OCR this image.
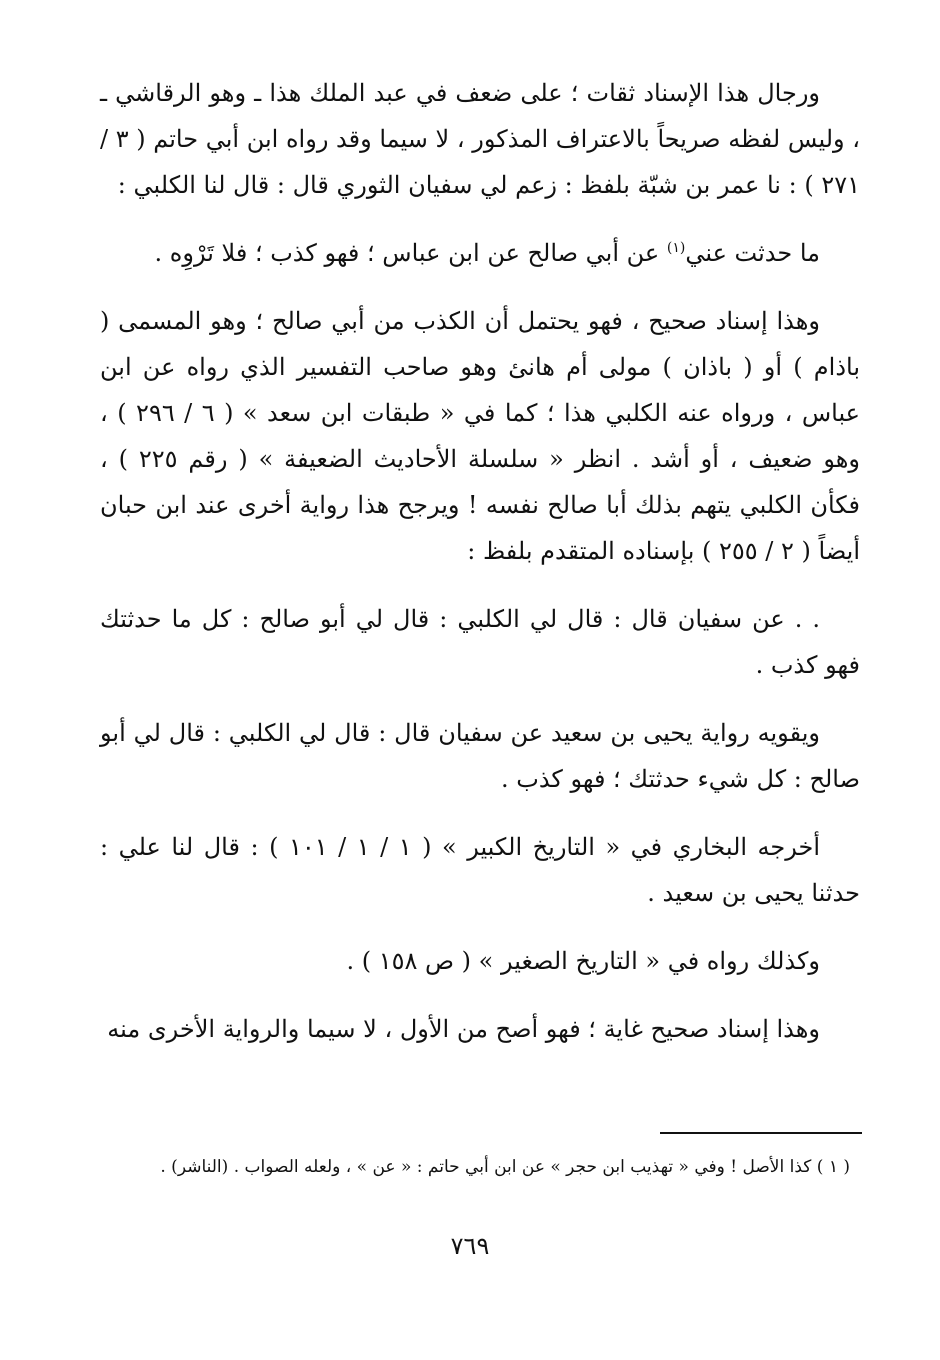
ورجال هذا الإسناد ثقات ؛ على ضعف في عبد الملك هذا ـ وهو الرقاشي ـ ، وليس لفظه صريحاً بالاعتراف المذكور ، لا سيما وقد رواه ابن أبي حاتم ( ٣ / ٢٧١ ) : نا عمر بن شبّة بلفظ : زعم لي سفيان الثوري قال : قال لنا الكلبي :

ما حدثت عني$^{(١)}$ عن أبي صالح عن ابن عباس ؛ فهو كذب ؛ فلا تَرْوِه .

وهذا إسناد صحيح ، فهو يحتمل أن الكذب من أبي صالح ؛ وهو المسمى ( باذام ) أو ( باذان ) مولى أم هانئ وهو صاحب التفسير الذي رواه عن ابن عباس ، ورواه عنه الكلبي هذا ؛ كما في « طبقات ابن سعد » ( ٦ / ٢٩٦ ) ، وهو ضعيف ، أو أشد . انظر « سلسلة الأحاديث الضعيفة » ( رقم ٢٢٥ ) ، فكأن الكلبي يتهم بذلك أبا صالح نفسه ! ويرجح هذا رواية أخرى عند ابن حبان أيضاً ( ٢ / ٢٥٥ ) بإسناده المتقدم بلفظ :

. . عن سفيان قال : قال لي الكلبي : قال لي أبو صالح : كل ما حدثتك فهو كذب .

ويقويه رواية يحيى بن سعيد عن سفيان قال : قال لي الكلبي : قال لي أبو صالح : كل شيء حدثتك ؛ فهو كذب .

أخرجه البخاري في « التاريخ الكبير » ( ١ / ١ / ١٠١ ) : قال لنا علي : حدثنا يحيى بن سعيد .

وكذلك رواه في « التاريخ الصغير » ( ص ١٥٨ ) .

وهذا إسناد صحيح غاية ؛ فهو أصح من الأول ، لا سيما والرواية الأخرى منه

( ١ ) كذا الأصل ! وفي « تهذيب ابن حجر » عن ابن أبي حاتم : « عن » ، ولعله الصواب . (الناشر) .
٧٦٩
